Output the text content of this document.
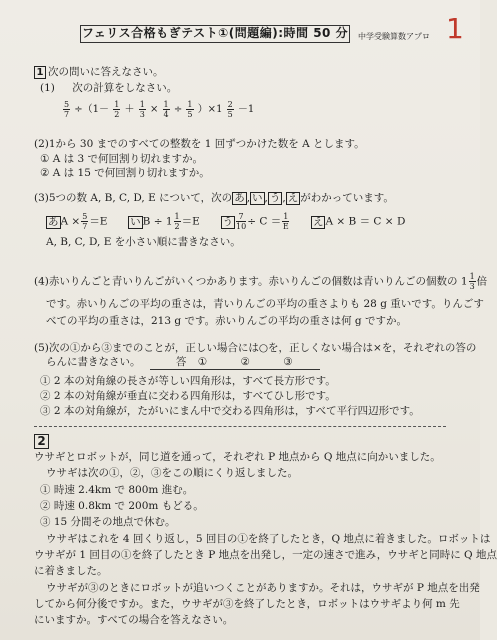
フェリス合格もぎテスト①(問題編):時間 50 分 中学受験算数アプロ 1
1 次の問いに答えなさい。
(1) 次の計算をしなさい。
$\frac{5}{7} \div(1- \frac{1}{2} + \frac{1}{3} \times \frac{1}{4} \div \frac{1}{5} )\times 1 \frac{2}{5} -1$
(2)1から 30 までのすべての整数を 1 回ずつかけた数を A とします。
① A は 3 で何回割り切れますか。
② A は 15 で何回割り切れますか。
(3)5つの数 A, B, C, D, E について，次の あ , い , う , え がわかっています。
あ $A \times \frac{5}{7} =E$ い $B \div 1 \frac{1}{2} =E$ う $\frac{7}{10} \div C = \frac{1}{E}$ え A × B ＝ C × D
A, B, C, D, E を小さい順に書きなさい。
(4)赤いりんごと青いりんごがいくつかあります。赤いりんごの個数は青いりんごの個数の $1 \frac{1}{3}$ 倍
です。赤いりんごの平均の重さは，青いりんごの平均の重さよりも 28 g 重いです。りんごす
べての平均の重さは，213 g です。赤いりんごの平均の重さは何 g ですか。
(5)次の①から③までのことが，正しい場合には○を，正しくない場合は×を，それぞれの答の
らんに書きなさい。	答 ①	②	③
① 2 本の対角線の長さが等しい四角形は，すべて長方形です。
② 2 本の対角線が垂直に交わる四角形は，すべてひし形です。
③ 2 本の対角線が，たがいにまん中で交わる四角形は，すべて平行四辺形です。
2
ウサギとロボットが，同じ道を通って，それぞれ P 地点から Q 地点に向かいました。
ウサギは次の①，②，③をこの順にくり返しました。
① 時速 2.4km で 800m 進む。
② 時速 0.8km で 200m もどる。
③ 15 分間その地点で休む。
ウサギはこれを 4 回くり返し，5 回目の①を終了したとき，Q 地点に着きました。ロボットは
ウサギが 1 回目の①を終了したとき P 地点を出発し，一定の速さで進み，ウサギと同時に Q 地点
に着きました。
ウサギが③のときにロボットが追いつくことがありますか。それは，ウサギが P 地点を出発
してから何分後ですか。また，ウサギが③を終了したとき，ロボットはウサギより何 m 先
にいますか。すべての場合を答えなさい。
